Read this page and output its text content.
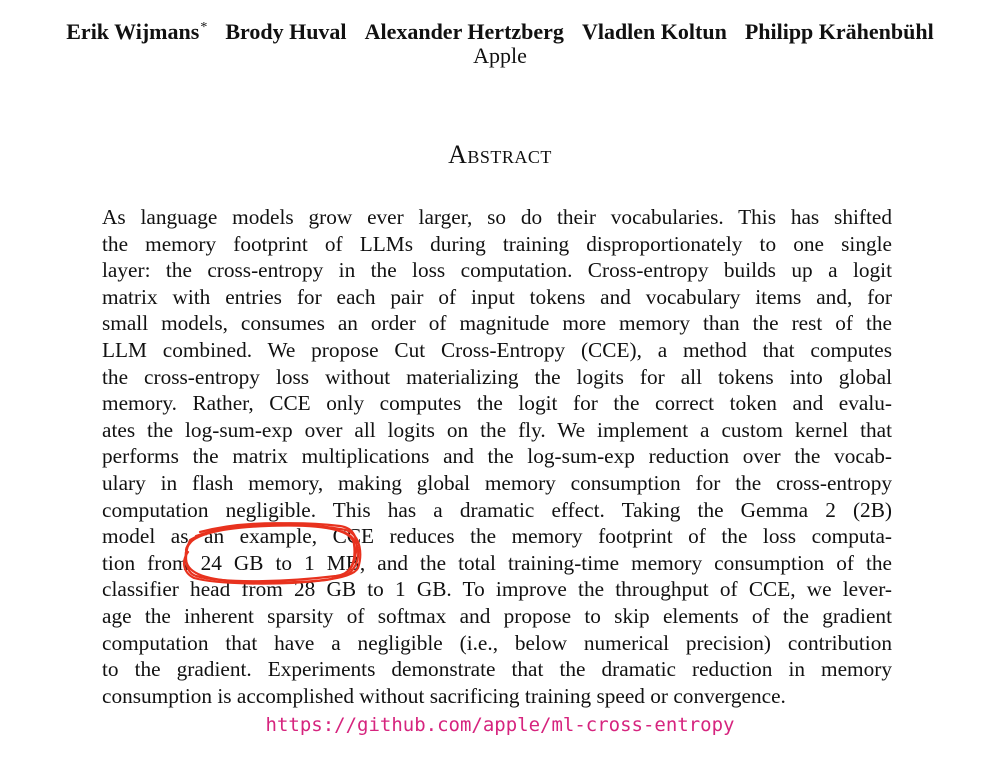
Erik Wijmans* Brody Huval Alexander Hertzberg Vladlen Koltun Philipp Krähenbühl
Apple
Abstract
As language models grow ever larger, so do their vocabularies. This has shifted
the memory footprint of LLMs during training disproportionately to one single
layer: the cross-entropy in the loss computation. Cross-entropy builds up a logit
matrix with entries for each pair of input tokens and vocabulary items and, for
small models, consumes an order of magnitude more memory than the rest of the
LLM combined. We propose Cut Cross-Entropy (CCE), a method that computes
the cross-entropy loss without materializing the logits for all tokens into global
memory. Rather, CCE only computes the logit for the correct token and evalu-
ates the log-sum-exp over all logits on the fly. We implement a custom kernel that
performs the matrix multiplications and the log-sum-exp reduction over the vocab-
ulary in flash memory, making global memory consumption for the cross-entropy
computation negligible. This has a dramatic effect. Taking the Gemma 2 (2B)
model as an example, CCE reduces the memory footprint of the loss computa-
tion from 24 GB to 1 MB, and the total training-time memory consumption of the
classifier head from 28 GB to 1 GB. To improve the throughput of CCE, we lever-
age the inherent sparsity of softmax and propose to skip elements of the gradient
computation that have a negligible (i.e., below numerical precision) contribution
to the gradient. Experiments demonstrate that the dramatic reduction in memory
consumption is accomplished without sacrificing training speed or convergence.
https://github.com/apple/ml-cross-entropy
